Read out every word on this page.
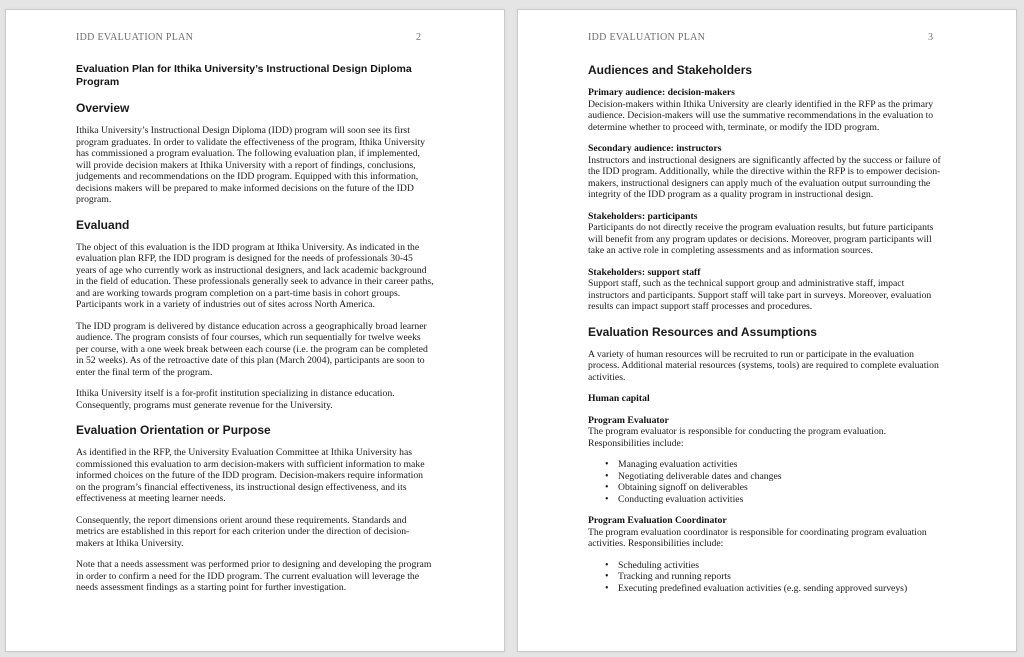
IDD EVALUATION PLAN	2

Evaluation Plan for Ithika University’s Instructional Design Diploma Program

Overview

Ithika University’s Instructional Design Diploma (IDD) program will soon see its first program graduates. In order to validate the effectiveness of the program, Ithika University has commissioned a program evaluation. The following evaluation plan, if implemented, will provide decision makers at Ithika University with a report of findings, conclusions, judgements and recommendations on the IDD program. Equipped with this information, decisions makers will be prepared to make informed decisions on the future of the IDD program.

Evaluand

The object of this evaluation is the IDD program at Ithika University. As indicated in the evaluation plan RFP, the IDD program is designed for the needs of professionals 30-45 years of age who currently work as instructional designers, and lack academic background in the field of education. These professionals generally seek to advance in their career paths, and are working towards program completion on a part-time basis in cohort groups. Participants work in a variety of industries out of sites across North America.

The IDD program is delivered by distance education across a geographically broad learner audience. The program consists of four courses, which run sequentially for twelve weeks per course, with a one week break between each course (i.e. the program can be completed in 52 weeks). As of the retroactive date of this plan (March 2004), participants are soon to enter the final term of the program.

Ithika University itself is a for-profit institution specializing in distance education. Consequently, programs must generate revenue for the University.

Evaluation Orientation or Purpose

As identified in the RFP, the University Evaluation Committee at Ithika University has commissioned this evaluation to arm decision-makers with sufficient information to make informed choices on the future of the IDD program. Decision-makers require information on the program’s financial effectiveness, its instructional design effectiveness, and its effectiveness at meeting learner needs.

Consequently, the report dimensions orient around these requirements. Standards and metrics are established in this report for each criterion under the direction of decision-makers at Ithika University.

Note that a needs assessment was performed prior to designing and developing the program in order to confirm a need for the IDD program. The current evaluation will leverage the needs assessment findings as a starting point for further investigation.

IDD EVALUATION PLAN	3
Audiences and Stakeholders
Primary audience: decision-makers

Decision-makers within Ithika University are clearly identified in the RFP as the primary audience. Decision-makers will use the summative recommendations in the evaluation to determine whether to proceed with, terminate, or modify the IDD program.

Secondary audience: instructors

Instructors and instructional designers are significantly affected by the success or failure of the IDD program. Additionally, while the directive within the RFP is to empower decision-makers, instructional designers can apply much of the evaluation output surrounding the integrity of the IDD program as a quality program in instructional design.

Stakeholders: participants

Participants do not directly receive the program evaluation results, but future participants will benefit from any program updates or decisions. Moreover, program participants will take an active role in completing assessments and as information sources.

Stakeholders: support staff

Support staff, such as the technical support group and administrative staff, impact instructors and participants. Support staff will take part in surveys. Moreover, evaluation results can impact support staff processes and procedures.

Evaluation Resources and Assumptions

A variety of human resources will be recruited to run or participate in the evaluation process. Additional material resources (systems, tools) are required to complete evaluation activities.

Human capital
Program Evaluator

The program evaluator is responsible for conducting the program evaluation. Responsibilities include:

• Managing evaluation activities
• Negotiating deliverable dates and changes
• Obtaining signoff on deliverables
• Conducting evaluation activities
Program Evaluation Coordinator

The program evaluation coordinator is responsible for coordinating program evaluation activities. Responsibilities include:

• Scheduling activities
• Tracking and running reports
• Executing predefined evaluation activities (e.g. sending approved surveys)
